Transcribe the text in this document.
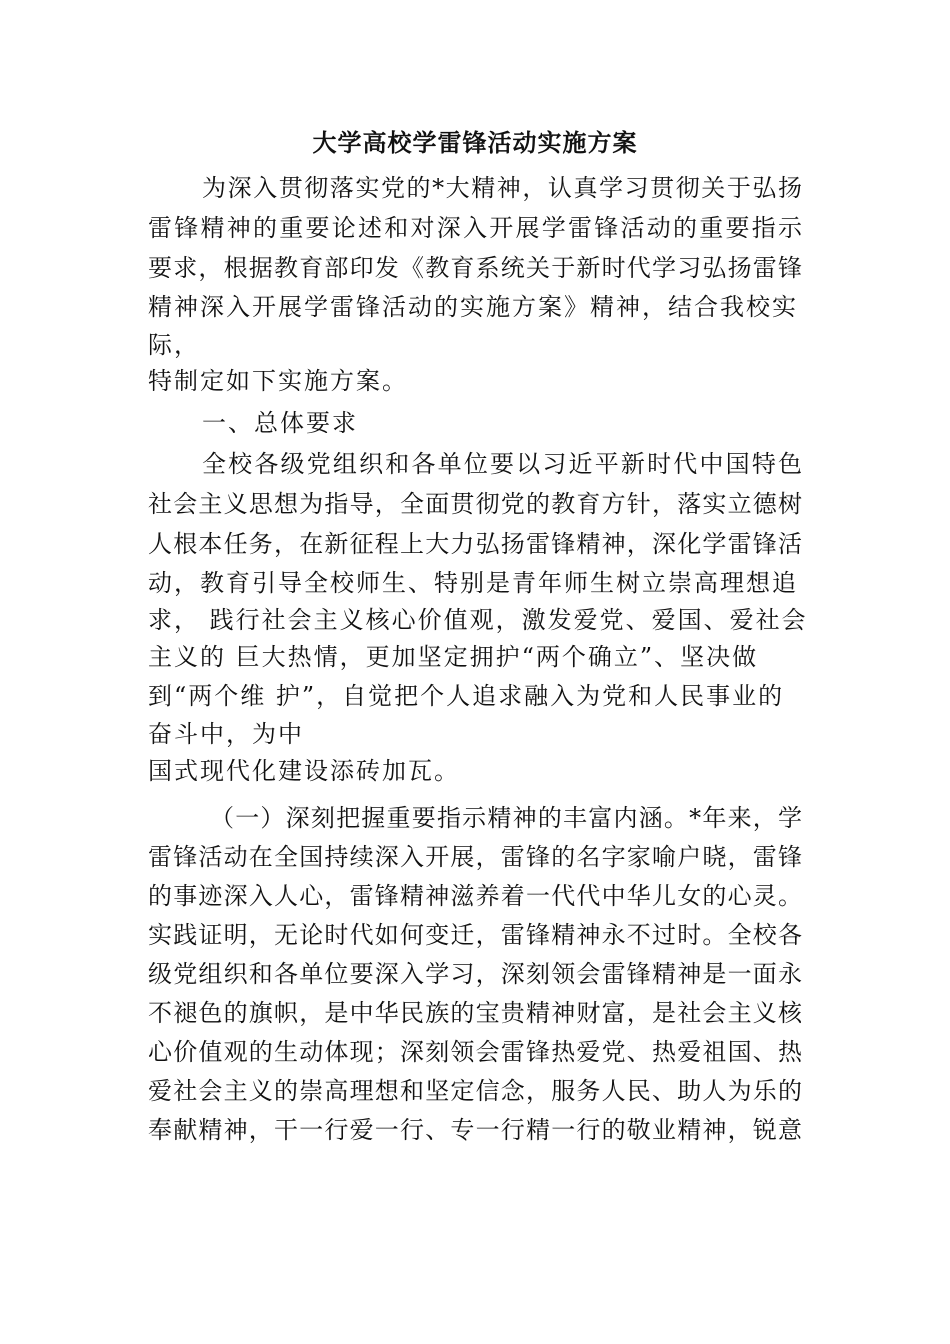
大学高校学雷锋活动实施方案
为深入贯彻落实党的*大精神，认真学习贯彻关于弘扬
雷锋精神的重要论述和对深入开展学雷锋活动的重要指示
要求，根据教育部印发《教育系统关于新时代学习弘扬雷锋
精神深入开展学雷锋活动的实施方案》精神，结合我校实
际，
特制定如下实施方案。
一、总体要求
全校各级党组织和各单位要以习近平新时代中国特色
社会主义思想为指导，全面贯彻党的教育方针，落实立德树
人根本任务，在新征程上大力弘扬雷锋精神，深化学雷锋活
动，教育引导全校师生、特别是青年师生树立崇高理想追
求， 践行社会主义核心价值观，激发爱党、爱国、爱社会
主义的 巨大热情，更加坚定拥护“两个确立”、坚决做
到“两个维 护”，自觉把个人追求融入为党和人民事业的
奋斗中，为中
国式现代化建设添砖加瓦。
（一）深刻把握重要指示精神的丰富内涵。*年来，学
雷锋活动在全国持续深入开展，雷锋的名字家喻户晓，雷锋
的事迹深入人心，雷锋精神滋养着一代代中华儿女的心灵。
实践证明，无论时代如何变迁，雷锋精神永不过时。全校各
级党组织和各单位要深入学习，深刻领会雷锋精神是一面永
不褪色的旗帜，是中华民族的宝贵精神财富，是社会主义核
心价值观的生动体现；深刻领会雷锋热爱党、热爱祖国、热
爱社会主义的崇高理想和坚定信念，服务人民、助人为乐的
奉献精神，干一行爱一行、专一行精一行的敬业精神，锐意
